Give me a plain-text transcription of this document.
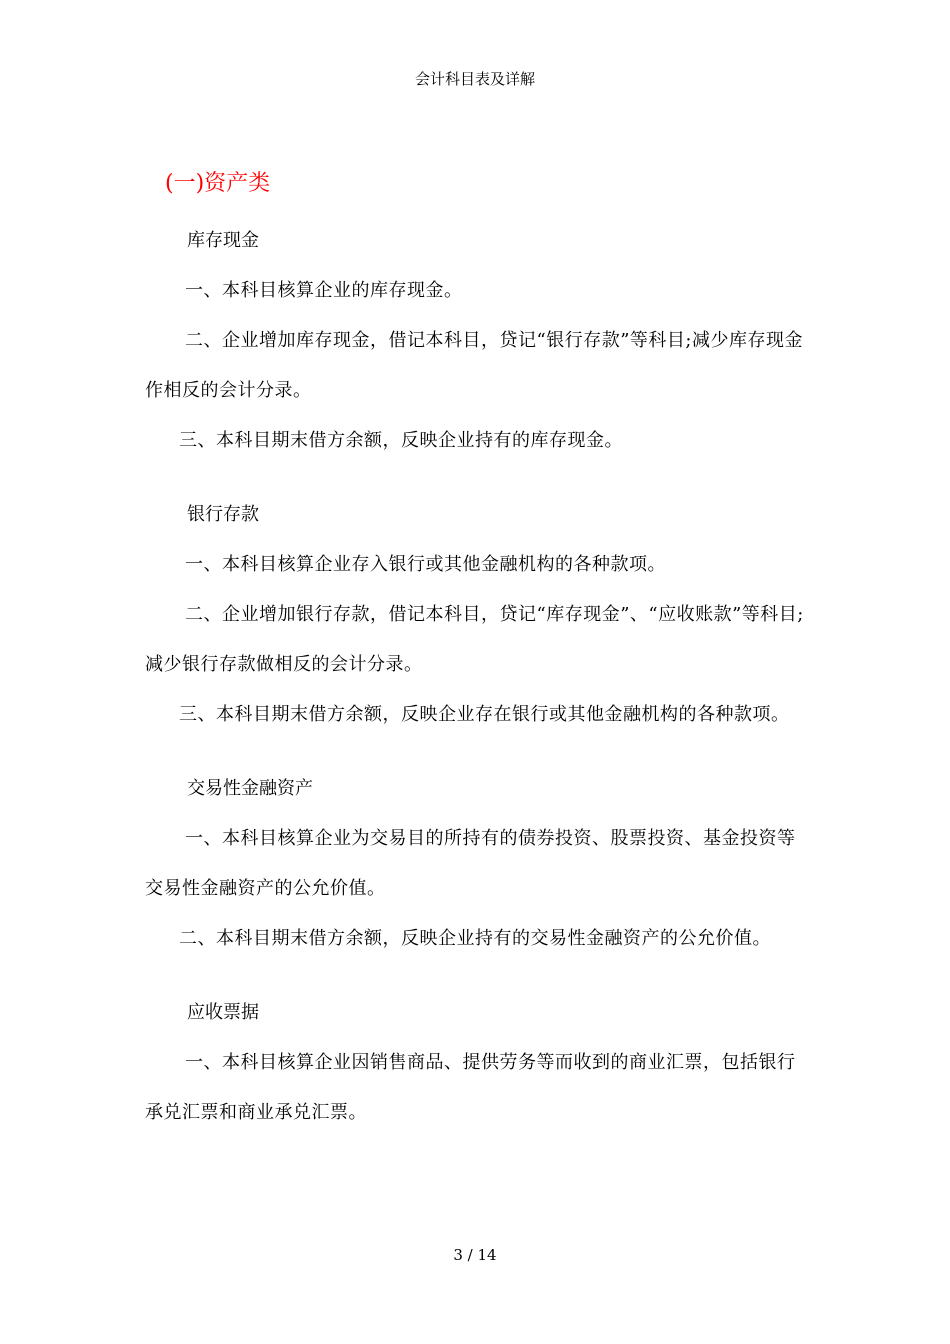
会计科目表及详解
(一)资产类

库存现金

一、本科目核算企业的库存现金。

二、企业增加库存现金，借记本科目，贷记“银行存款”等科目;减少库存现金作相反的会计分录。

三、本科目期末借方余额，反映企业持有的库存现金。

银行存款

一、本科目核算企业存入银行或其他金融机构的各种款项。

二、企业增加银行存款，借记本科目，贷记“库存现金”、“应收账款”等科目;减少银行存款做相反的会计分录。

三、本科目期末借方余额，反映企业存在银行或其他金融机构的各种款项。

交易性金融资产

一、本科目核算企业为交易目的所持有的债券投资、股票投资、基金投资等交易性金融资产的公允价值。

二、本科目期末借方余额，反映企业持有的交易性金融资产的公允价值。

应收票据

一、本科目核算企业因销售商品、提供劳务等而收到的商业汇票，包括银行承兑汇票和商业承兑汇票。

3 / 14
